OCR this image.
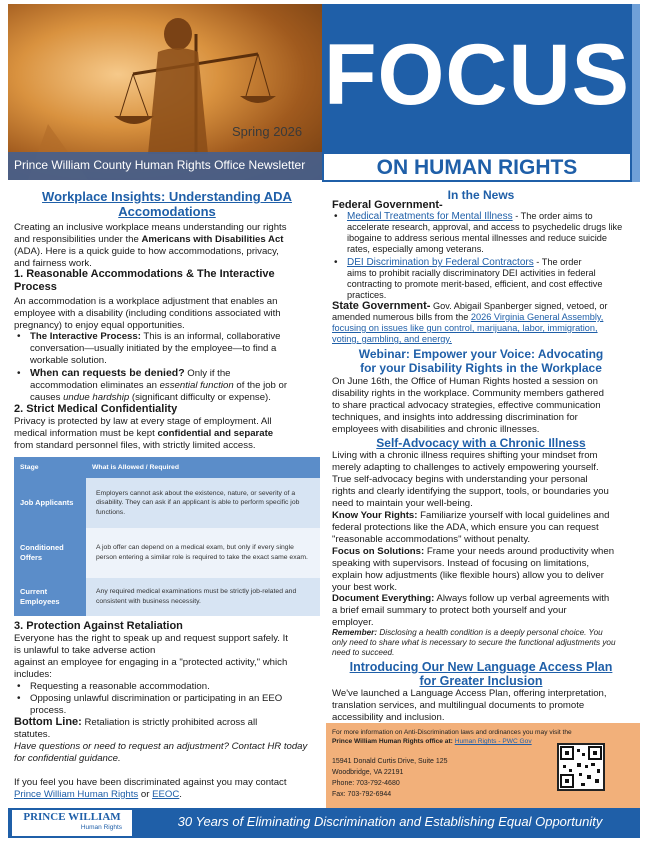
Spring 2026
Prince William County Human Rights Office Newsletter
FOCUS
ON HUMAN RIGHTS
Workplace Insights: Understanding ADA Accomodations
Creating an inclusive workplace means understanding our rights
and responsibilities under the Americans with Disabilities Act
(ADA). Here is a quick guide to how accommodations, privacy,
and fairness work.
1. Reasonable Accommodations & The Interactive Process
An accommodation is a workplace adjustment that enables an
employee with a disability (including conditions associated with
pregnancy) to enjoy equal opportunities.
• The Interactive Process: This is an informal, collaborative
conversation—usually initiated by the employee—to find a
workable solution.
• When can requests be denied? Only if the
accommodation eliminates an essential function of the job or
causes undue hardship (significant difficulty or expense).
2. Strict Medical Confidentiality
Privacy is protected by law at every stage of employment. All
medical information must be kept confidential and separate
from standard personnel files, with strictly limited access.
Stage	What is Allowed / Required
Job Applicants	Employers cannot ask about the existence, nature, or severity of a disability. They can ask if an applicant is able to perform specific job functions.
Conditioned Offers	A job offer can depend on a medical exam, but only if every single person entering a similar role is required to take the exact same exam.
Current Employees	Any required medical examinations must be strictly job-related and consistent with business necessity.
3. Protection Against Retaliation
Everyone has the right to speak up and request support safely. It
is unlawful to take adverse action
against an employee for engaging in a "protected activity," which
includes:
• Requesting a reasonable accommodation.
• Opposing unlawful discrimination or participating in an EEO
process.
Bottom Line: Retaliation is strictly prohibited across all
statutes.
Have questions or need to request an adjustment? Contact HR today
for confidential guidance.
If you feel you have been discriminated against you may contact
Prince William Human Rights or EEOC.
In the News
Federal Government-
• Medical Treatments for Mental Illness - The order aims to
accelerate research, approval, and access to psychedelic drugs like
ibogaine to address serious mental illnesses and reduce suicide
rates, especially among veterans.
• DEI Discrimination by Federal Contractors - The order
aims to prohibit racially discriminatory DEI activities in federal
contracting to promote merit-based, efficient, and cost effective
practices.
State Government- Gov. Abigail Spanberger signed, vetoed, or
amended numerous bills from the 2026 Virginia General Assembly,
focusing on issues like gun control, marijuana, labor, immigration,
voting, gambling, and energy.
Webinar: Empower your Voice: Advocating
for your Disability Rights in the Workplace
On June 16th, the Office of Human Rights hosted a session on
disability rights in the workplace. Community members gathered
to share practical advocacy strategies, effective communication
techniques, and insights into addressing discrimination for
employees with disabilities and chronic illnesses.
Self-Advocacy with a Chronic Illness
Living with a chronic illness requires shifting your mindset from
merely adapting to challenges to actively empowering yourself.
True self-advocacy begins with understanding your personal
rights and clearly identifying the support, tools, or boundaries you
need to maintain your well-being.
Know Your Rights: Familiarize yourself with local guidelines and
federal protections like the ADA, which ensure you can request
"reasonable accommodations" without penalty.
Focus on Solutions: Frame your needs around productivity when
speaking with supervisors. Instead of focusing on limitations,
explain how adjustments (like flexible hours) allow you to deliver
your best work.
Document Everything: Always follow up verbal agreements with
a brief email summary to protect both yourself and your
employer.
Remember: Disclosing a health condition is a deeply personal choice. You
only need to share what is necessary to secure the functional adjustments you
need to succeed.
Introducing Our New Language Access Plan
for Greater Inclusion
We've launched a Language Access Plan, offering interpretation,
translation services, and multilingual documents to promote
accessibility and inclusion.
For more information on Anti-Discrimination laws and ordinances you may visit the
Prince William Human Rights office at: Human Rights - PWC Gov
15941 Donald Curtis Drive, Suite 125
Woodbridge, VA 22191
Phone: 703-792-4680
Fax: 703-792-6944
PRINCE WILLIAM
Human Rights	30 Years of Eliminating Discrimination and Establishing Equal Opportunity
